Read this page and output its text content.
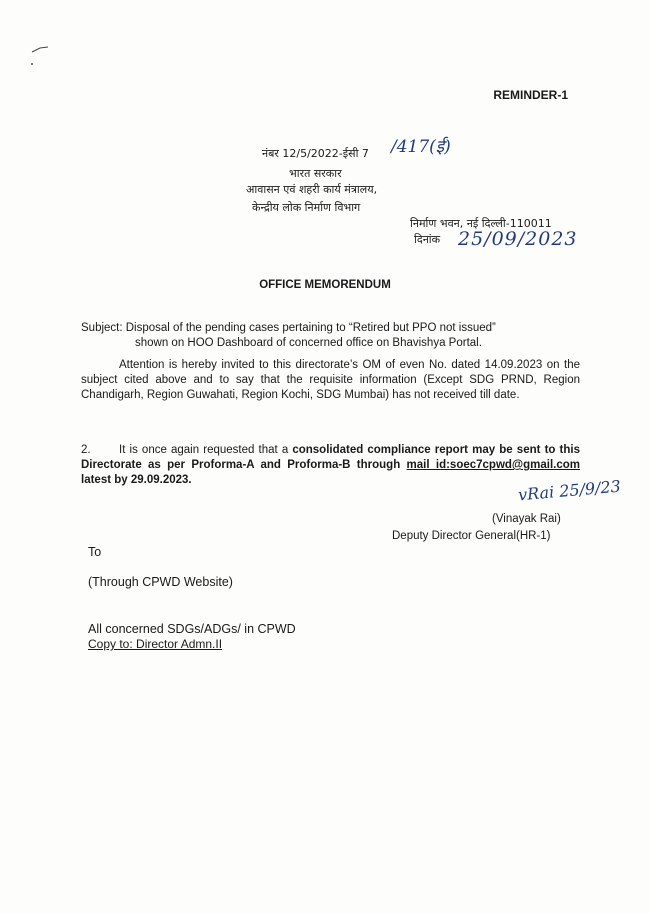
REMINDER-1
नंबर 12/5/2022-ईसी 7 /417(ई)
भारत सरकार
आवासन एवं शहरी कार्य मंत्रालय,
केन्द्रीय लोक निर्माण विभाग
निर्माण भवन, नई दिल्ली-110011
दिनांक 25/09/2023
OFFICE MEMORENDUM
Subject: Disposal of the pending cases pertaining to “Retired but PPO not issued”
shown on HOO Dashboard of concerned office on Bhavishya Portal.
Attention is hereby invited to this directorate’s OM of even No. dated 14.09.2023 on the subject cited above and to say that the requisite information (Except SDG PRND, Region Chandigarh, Region Guwahati, Region Kochi, SDG Mumbai) has not received till date.
2. It is once again requested that a consolidated compliance report may be sent to this Directorate as per Proforma-A and Proforma-B through mail id:soec7cpwd@gmail.com latest by 29.09.2023.	vRai 25/9/23
(Vinayak Rai)
Deputy Director General(HR-1)
To
(Through CPWD Website)
All concerned SDGs/ADGs/ in CPWD
Copy to: Director Admn.II
